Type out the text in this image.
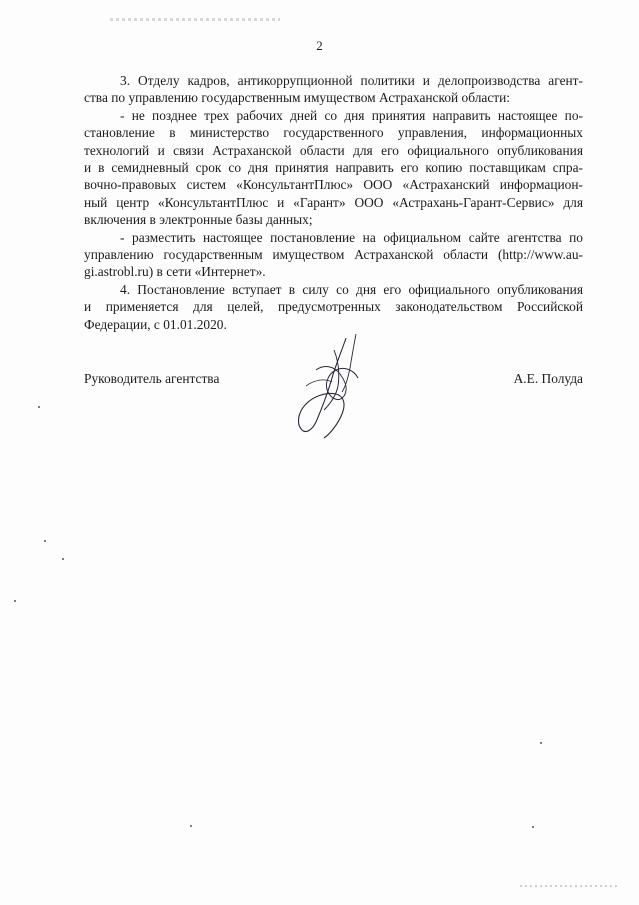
2
3. Отделу кадров, антикоррупционной политики и делопроизводства агент-
ства по управлению государственным имуществом Астраханской области:
- не позднее трех рабочих дней со дня принятия направить настоящее по-
становление в министерство государственного управления, информационных
технологий и связи Астраханской области для его официального опубликования
и в семидневный срок со дня принятия направить его копию поставщикам спра-
вочно-правовых систем «КонсультантПлюс» ООО «Астраханский информацион-
ный центр «КонсультантПлюс и «Гарант» ООО «Астрахань-Гарант-Сервис» для
включения в электронные базы данных;
- разместить настоящее постановление на официальном сайте агентства по
управлению государственным имуществом Астраханской области (http://www.au-
gi.astrobl.ru) в сети «Интернет».
4. Постановление вступает в силу со дня его официального опубликования
и применяется для целей, предусмотренных законодательством Российской
Федерации, с 01.01.2020.
Руководитель агентства	А.Е. Полуда
